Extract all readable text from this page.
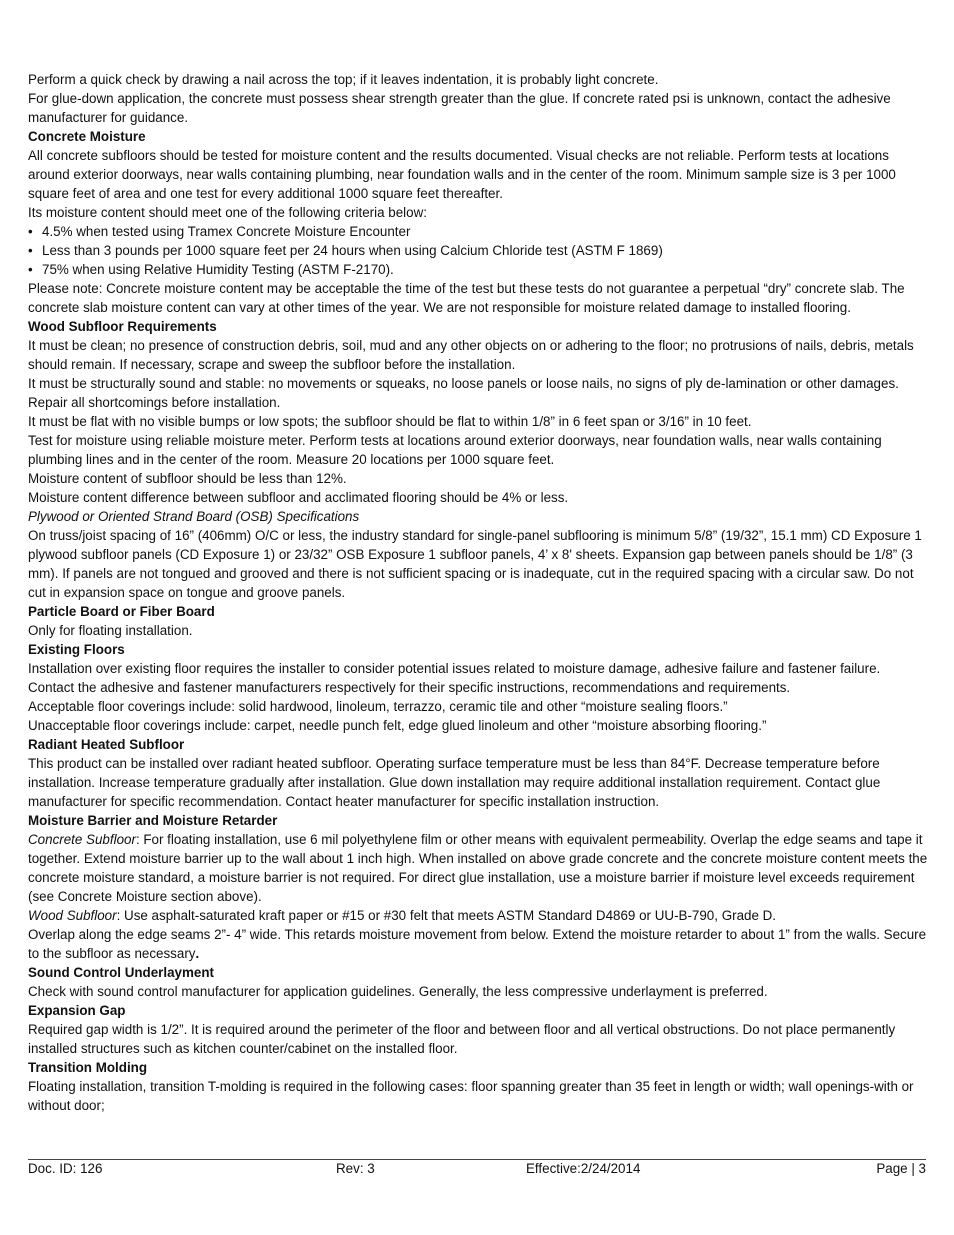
Perform a quick check by drawing a nail across the top; if it leaves indentation, it is probably light concrete.

For glue-down application, the concrete must possess shear strength greater than the glue. If concrete rated psi is unknown, contact the adhesive manufacturer for guidance.

Concrete Moisture

All concrete subfloors should be tested for moisture content and the results documented. Visual checks are not reliable. Perform tests at locations around exterior doorways, near walls containing plumbing, near foundation walls and in the center of the room. Minimum sample size is 3 per 1000 square feet of area and one test for every additional 1000 square feet thereafter.

Its moisture content should meet one of the following criteria below:

• 4.5% when tested using Tramex Concrete Moisture Encounter
• Less than 3 pounds per 1000 square feet per 24 hours when using Calcium Chloride test (ASTM F 1869)
• 75% when using Relative Humidity Testing (ASTM F-2170).

Please note: Concrete moisture content may be acceptable the time of the test but these tests do not guarantee a perpetual “dry” concrete slab. The concrete slab moisture content can vary at other times of the year. We are not responsible for moisture related damage to installed flooring.

Wood Subfloor Requirements

It must be clean; no presence of construction debris, soil, mud and any other objects on or adhering to the floor; no protrusions of nails, debris, metals should remain. If necessary, scrape and sweep the subfloor before the installation.

It must be structurally sound and stable: no movements or squeaks, no loose panels or loose nails, no signs of ply de-lamination or other damages. Repair all shortcomings before installation.

It must be flat with no visible bumps or low spots; the subfloor should be flat to within 1/8” in 6 feet span or 3/16” in 10 feet.

Test for moisture using reliable moisture meter. Perform tests at locations around exterior doorways, near foundation walls, near walls containing plumbing lines and in the center of the room. Measure 20 locations per 1000 square feet.

Moisture content of subfloor should be less than 12%.

Moisture content difference between subfloor and acclimated flooring should be 4% or less.

Plywood or Oriented Strand Board (OSB) Specifications

On truss/joist spacing of 16” (406mm) O/C or less, the industry standard for single-panel subflooring is minimum 5/8” (19/32”, 15.1 mm) CD Exposure 1 plywood subfloor panels (CD Exposure 1) or 23/32” OSB Exposure 1 subfloor panels, 4’ x 8' sheets. Expansion gap between panels should be 1/8” (3 mm). If panels are not tongued and grooved and there is not sufficient spacing or is inadequate, cut in the required spacing with a circular saw. Do not cut in expansion space on tongue and groove panels.

Particle Board or Fiber Board

Only for floating installation.

Existing Floors

Installation over existing floor requires the installer to consider potential issues related to moisture damage, adhesive failure and fastener failure. Contact the adhesive and fastener manufacturers respectively for their specific instructions, recommendations and requirements.

Acceptable floor coverings include: solid hardwood, linoleum, terrazzo, ceramic tile and other “moisture sealing floors.”

Unacceptable floor coverings include: carpet, needle punch felt, edge glued linoleum and other “moisture absorbing flooring.”

Radiant Heated Subfloor

This product can be installed over radiant heated subfloor. Operating surface temperature must be less than 84°F. Decrease temperature before installation. Increase temperature gradually after installation. Glue down installation may require additional installation requirement. Contact glue manufacturer for specific recommendation. Contact heater manufacturer for specific installation instruction.

Moisture Barrier and Moisture Retarder

Concrete Subfloor: For floating installation, use 6 mil polyethylene film or other means with equivalent permeability. Overlap the edge seams and tape it together. Extend moisture barrier up to the wall about 1 inch high. When installed on above grade concrete and the concrete moisture content meets the concrete moisture standard, a moisture barrier is not required. For direct glue installation, use a moisture barrier if moisture level exceeds requirement (see Concrete Moisture section above).

Wood Subfloor: Use asphalt-saturated kraft paper or #15 or #30 felt that meets ASTM Standard D4869 or UU-B-790, Grade D.

Overlap along the edge seams 2”- 4” wide. This retards moisture movement from below. Extend the moisture retarder to about 1” from the walls. Secure to the subfloor as necessary.

Sound Control Underlayment

Check with sound control manufacturer for application guidelines. Generally, the less compressive underlayment is preferred.

Expansion Gap

Required gap width is 1/2”. It is required around the perimeter of the floor and between floor and all vertical obstructions. Do not place permanently installed structures such as kitchen counter/cabinet on the installed floor.

Transition Molding

Floating installation, transition T-molding is required in the following cases: floor spanning greater than 35 feet in length or width; wall openings-with or without door;

Doc. ID: 126	Rev: 3	Effective:2/24/2014	Page | 3
